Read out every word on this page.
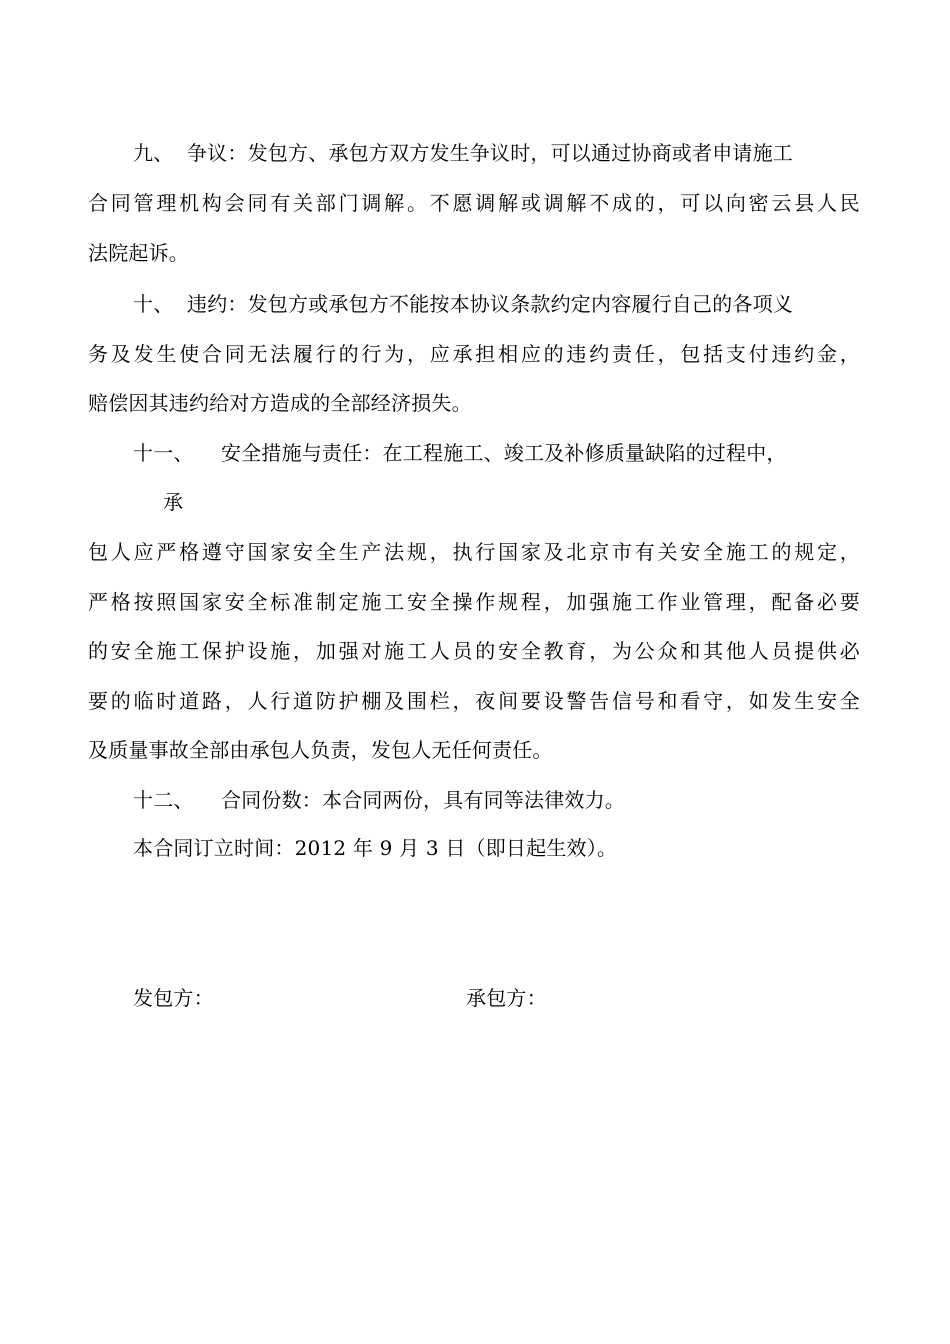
九、 争议：发包方、承包方双方发生争议时，可以通过协商或者申请施工
合同管理机构会同有关部门调解。不愿调解或调解不成的，可以向密云县人民
法院起诉。
十、 违约：发包方或承包方不能按本协议条款约定内容履行自己的各项义
务及发生使合同无法履行的行为，应承担相应的违约责任，包括支付违约金，
赔偿因其违约给对方造成的全部经济损失。
十一、 安全措施与责任：在工程施工、竣工及补修质量缺陷的过程中，
承
包人应严格遵守国家安全生产法规，执行国家及北京市有关安全施工的规定，
严格按照国家安全标准制定施工安全操作规程，加强施工作业管理，配备必要
的安全施工保护设施，加强对施工人员的安全教育，为公众和其他人员提供必
要的临时道路，人行道防护棚及围栏，夜间要设警告信号和看守，如发生安全
及质量事故全部由承包人负责，发包人无任何责任。
十二、 合同份数：本合同两份，具有同等法律效力。
本合同订立时间：2012 年 9 月 3 日（即日起生效）。
发包方：	承包方：
